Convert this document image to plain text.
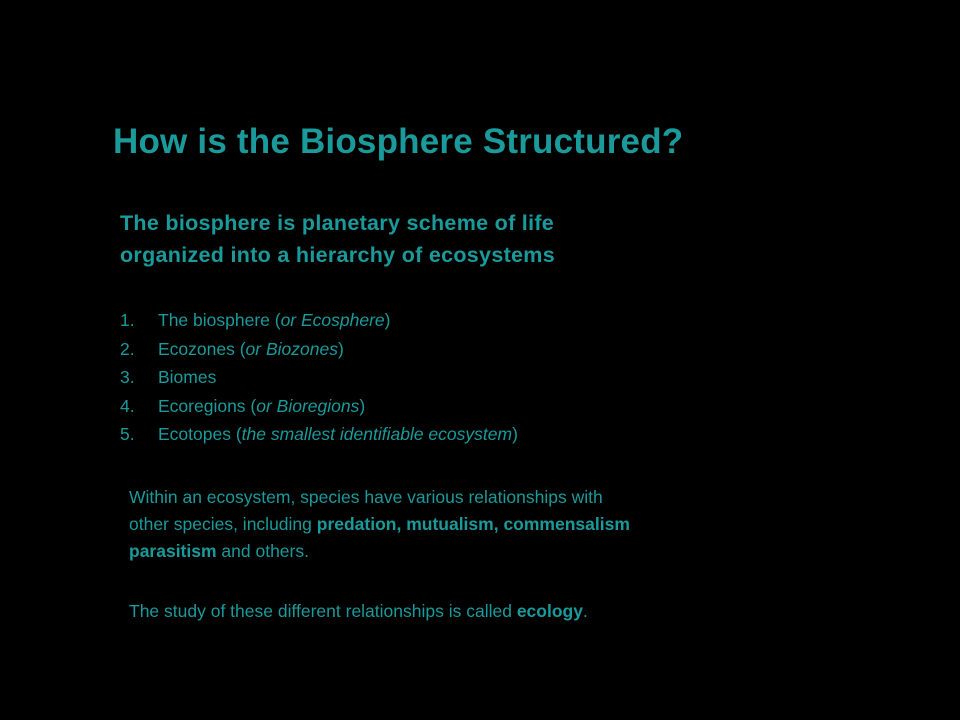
How is the Biosphere Structured?
The biosphere is planetary scheme of life
organized into a hierarchy of ecosystems
1. The biosphere (or Ecosphere)
2. Ecozones (or Biozones)
3. Biomes
4. Ecoregions (or Bioregions)
5. Ecotopes (the smallest identifiable ecosystem)
Within an ecosystem, species have various relationships with
other species, including predation, mutualism, commensalism
parasitism and others.
The study of these different relationships is called ecology.
